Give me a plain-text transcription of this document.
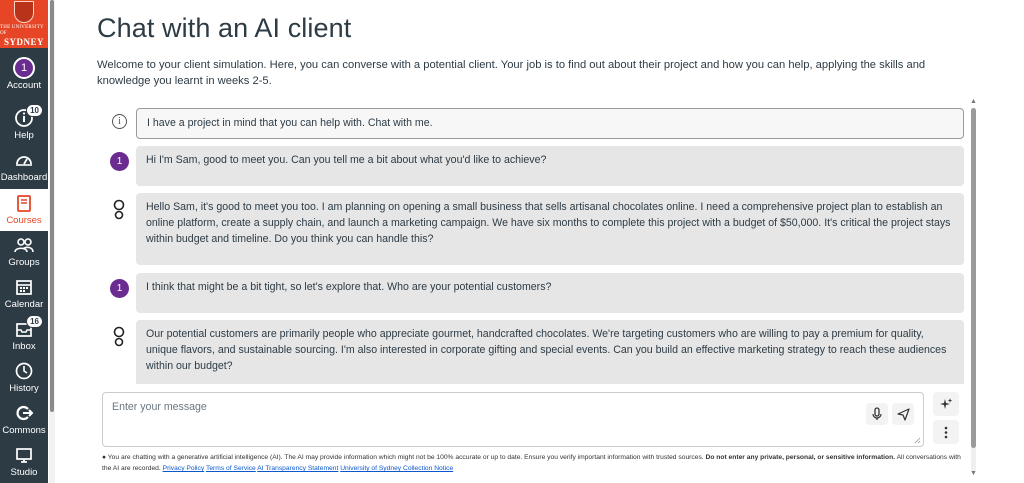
THE UNIVERSITY OF
SYDNEY
1
Account
10
Help
Dashboard
Courses
Groups
Calendar
16
Inbox
History
Commons
Studio
Chat with an AI client

Welcome to your client simulation. Here, you can converse with a potential client. Your job is to find out about their project and how you can help, applying the skills and knowledge you learnt in weeks 2-5.

i	I have a project in mind that you can help with. Chat with me.
1	Hi I'm Sam, good to meet you. Can you tell me a bit about what you'd like to achieve?
Hello Sam, it's good to meet you too. I am planning on opening a small business that sells artisanal chocolates online. I need a comprehensive project plan to establish an online platform, create a supply chain, and launch a marketing campaign. We have six months to complete this project with a budget of $50,000. It's critical the project stays within budget and timeline. Do you think you can handle this?
1	I think that might be a bit tight, so let's explore that. Who are your potential customers?
Our potential customers are primarily people who appreciate gourmet, handcrafted chocolates. We're targeting customers who are willing to pay a premium for quality, unique flavors, and sustainable sourcing. I'm also interested in corporate gifting and special events. Can you build an effective marketing strategy to reach these audiences within our budget?
▲
▼
Enter your message
● You are chatting with a generative artificial intelligence (AI). The AI may provide information which might not be 100% accurate or up to date. Ensure you verify important information with trusted sources. Do not enter any private, personal, or sensitive information. All conversations with the AI are recorded. Privacy Policy Terms of Service AI Transparency Statement University of Sydney Collection Notice
